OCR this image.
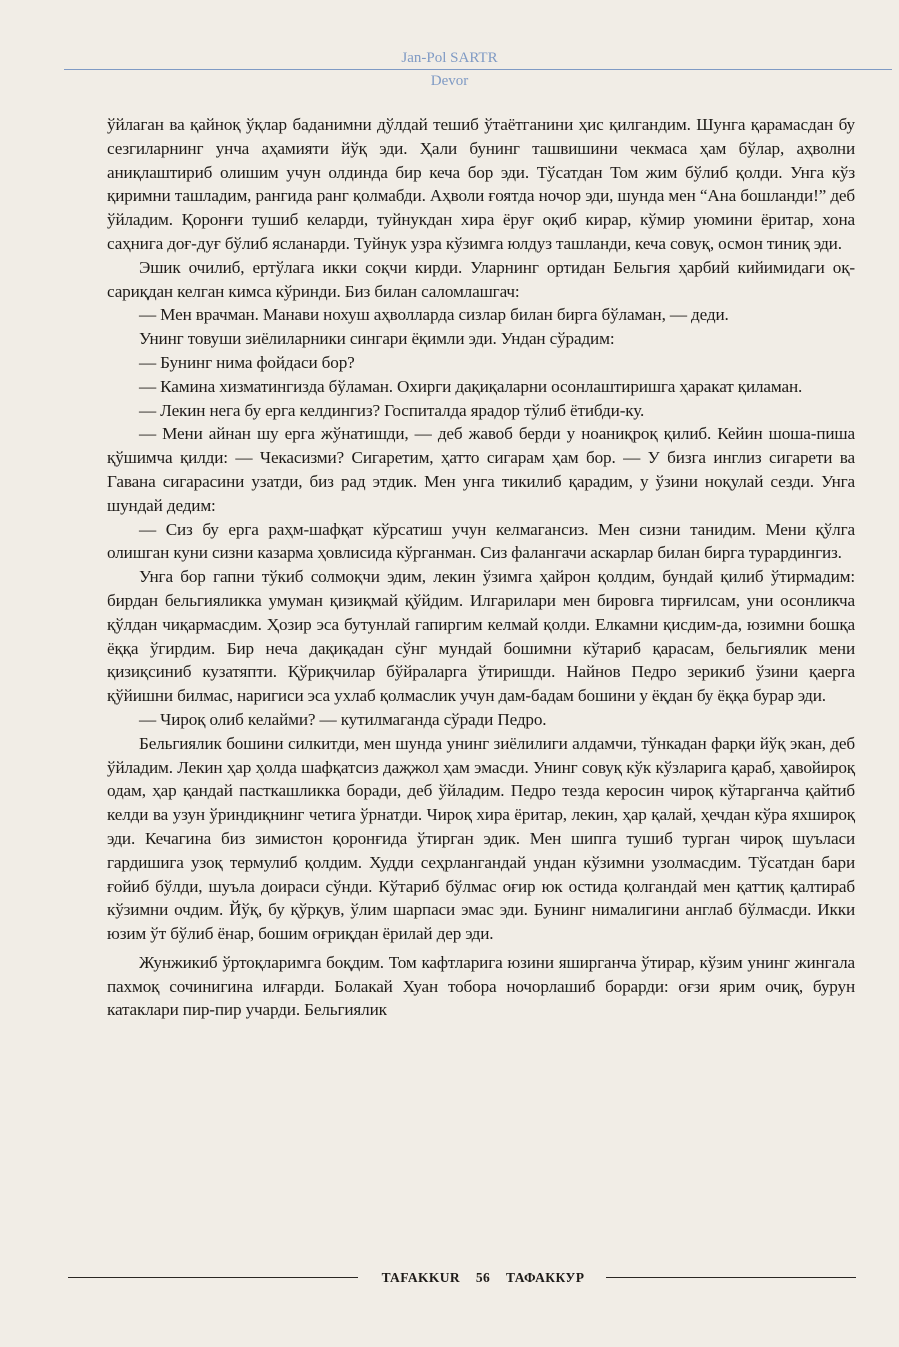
Jan-Pol SARTR
Devor

ўйлаган ва қайноқ ўқлар баданимни дўлдай тешиб ўтаётганини ҳис қилгандим. Шунга қарамасдан бу сезгиларнинг унча аҳамияти йўқ эди. Ҳали бунинг ташвишини чекмаса ҳам бўлар, аҳволни аниқлаштириб олишим учун олдинда бир кеча бор эди. Тўсатдан Том жим бўлиб қолди. Унга кўз қиримни ташладим, рангида ранг қолмабди. Аҳволи ғоятда ночор эди, шунда мен “Ана бошланди!” деб ўйладим. Қоронғи тушиб келарди, туйнукдан хира ёруғ оқиб кирар, кўмир уюмини ёритар, хона саҳнига доғ-дуғ бўлиб ясланарди. Туйнук узра кўзимга юлдуз ташланди, кеча совуқ, осмон тиниқ эди.

Эшик очилиб, ертўлага икки соқчи кирди. Уларнинг ортидан Бельгия ҳарбий кийимидаги оқ-сариқдан келган кимса кўринди. Биз билан саломлашгач:

— Мен врачман. Манави нохуш аҳволларда сизлар билан бирга бўламан, — деди.

Унинг товуши зиёлиларники сингари ёқимли эди. Ундан сўрадим:

— Бунинг нима фойдаси бор?

— Камина хизматингизда бўламан. Охирги дақиқаларни осонлаштиришга ҳаракат қиламан.

— Лекин нега бу ерга келдингиз? Госпиталда ярадор тўлиб ётибди-ку.

— Мени айнан шу ерга жўнатишди, — деб жавоб берди у ноаниқроқ қилиб. Кейин шоша-пиша қўшимча қилди: — Чекасизми? Сигаретим, ҳатто сигарам ҳам бор. — У бизга инглиз сигарети ва Гавана сигарасини узатди, биз рад этдик. Мен унга тикилиб қарадим, у ўзини ноқулай сезди. Унга шундай дедим:

— Сиз бу ерга раҳм-шафқат кўрсатиш учун келмагансиз. Мен сизни танидим. Мени қўлга олишган куни сизни казарма ҳовлисида кўрганман. Сиз фалангачи аскарлар билан бирга турардингиз.

Унга бор гапни тўкиб солмоқчи эдим, лекин ўзимга ҳайрон қолдим, бундай қилиб ўтирмадим: бирдан бельгияликка умуман қизиқмай қўйдим. Илгарилари мен бировга тирғилсам, уни осонликча қўлдан чиқармасдим. Ҳозир эса бутунлай гапиргим келмай қолди. Елкамни қисдим-да, юзимни бошқа ёққа ўгирдим. Бир неча дақиқадан сўнг мундай бошимни кўтариб қарасам, бельгиялик мени қизиқсиниб кузатяпти. Қўриқчилар бўйраларга ўтиришди. Найнов Педро зерикиб ўзини қаерга қўйишни билмас, наригиси эса ухлаб қолмаслик учун дам-бадам бошини у ёқдан бу ёққа бурар эди.

— Чироқ олиб келайми? — кутилмаганда сўради Педро.

Бельгиялик бошини силкитди, мен шунда унинг зиёлилиги алдамчи, тўнкадан фарқи йўқ экан, деб ўйладим. Лекин ҳар ҳолда шафқатсиз даҗжол ҳам эмасди. Унинг совуқ кўк кўзларига қараб, ҳавойироқ одам, ҳар қандай пасткашликка боради, деб ўйладим. Педро тезда керосин чироқ кўтарганча қайтиб келди ва узун ўриндиқнинг четига ўрнатди. Чироқ хира ёритар, лекин, ҳар қалай, ҳечдан кўра яхшироқ эди. Кечагина биз зимистон қоронғида ўтирган эдик. Мен шипга тушиб турган чироқ шуъласи гардишига узоқ термулиб қолдим. Худди сеҳрлангандай ундан кўзимни узолмасдим. Тўсатдан бари ғойиб бўлди, шуъла доираси сўнди. Кўтариб бўлмас оғир юк остида қолгандай мен қаттиқ қалтираб кўзимни очдим. Йўқ, бу қўрқув, ўлим шарпаси эмас эди. Бунинг нималигини англаб бўлмасди. Икки юзим ўт бўлиб ёнар, бошим оғриқдан ёрилай дер эди.

Жунжикиб ўртоқларимга боқдим. Том кафтларига юзини яширганча ўтирар, кўзим унинг жингала пахмоқ сочинигина илғарди. Болакай Хуан тобора ночорлашиб борарди: оғзи ярим очиқ, бурун катаклари пир-пир учарди. Бельгиялик

TAFAKKUR 56 ТАФАККУР
